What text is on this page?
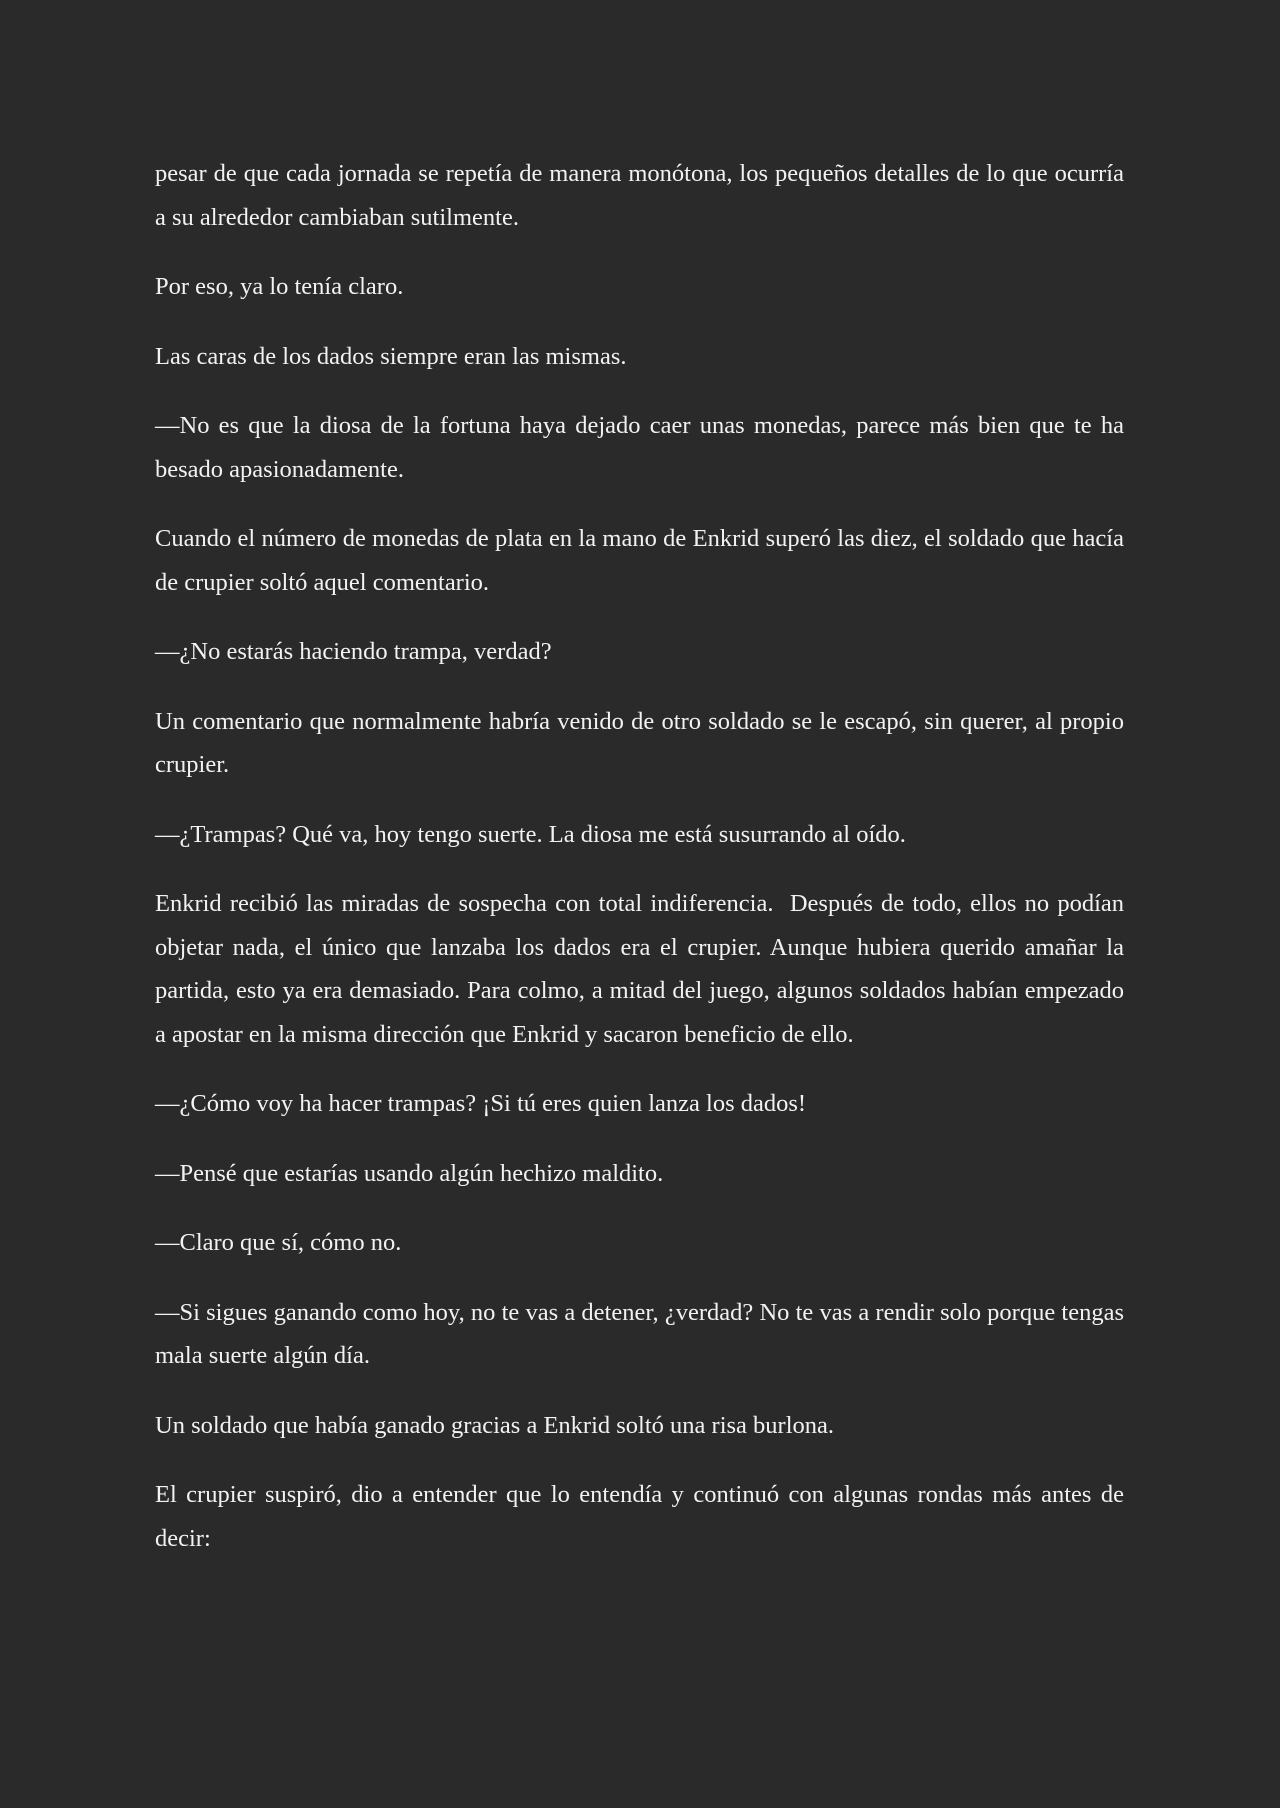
pesar de que cada jornada se repetía de manera monótona, los pequeños detalles de lo que ocurría a su alrededor cambiaban sutilmente.

Por eso, ya lo tenía claro.

Las caras de los dados siempre eran las mismas.

—No es que la diosa de la fortuna haya dejado caer unas monedas, parece más bien que te ha besado apasionadamente.

Cuando el número de monedas de plata en la mano de Enkrid superó las diez, el soldado que hacía de crupier soltó aquel comentario.

—¿No estarás haciendo trampa, verdad?

Un comentario que normalmente habría venido de otro soldado se le escapó, sin querer, al propio crupier.

—¿Trampas? Qué va, hoy tengo suerte. La diosa me está susurrando al oído.

Enkrid recibió las miradas de sospecha con total indiferencia.  Después de todo, ellos no podían objetar nada, el único que lanzaba los dados era el crupier. Aunque hubiera querido amañar la partida, esto ya era demasiado. Para colmo, a mitad del juego, algunos soldados habían empezado a apostar en la misma dirección que Enkrid y sacaron beneficio de ello.

—¿Cómo voy ha hacer trampas? ¡Si tú eres quien lanza los dados!

—Pensé que estarías usando algún hechizo maldito.

—Claro que sí, cómo no.

—Si sigues ganando como hoy, no te vas a detener, ¿verdad? No te vas a rendir solo porque tengas mala suerte algún día.

Un soldado que había ganado gracias a Enkrid soltó una risa burlona.

El crupier suspiró, dio a entender que lo entendía y continuó con algunas rondas más antes de decir:
